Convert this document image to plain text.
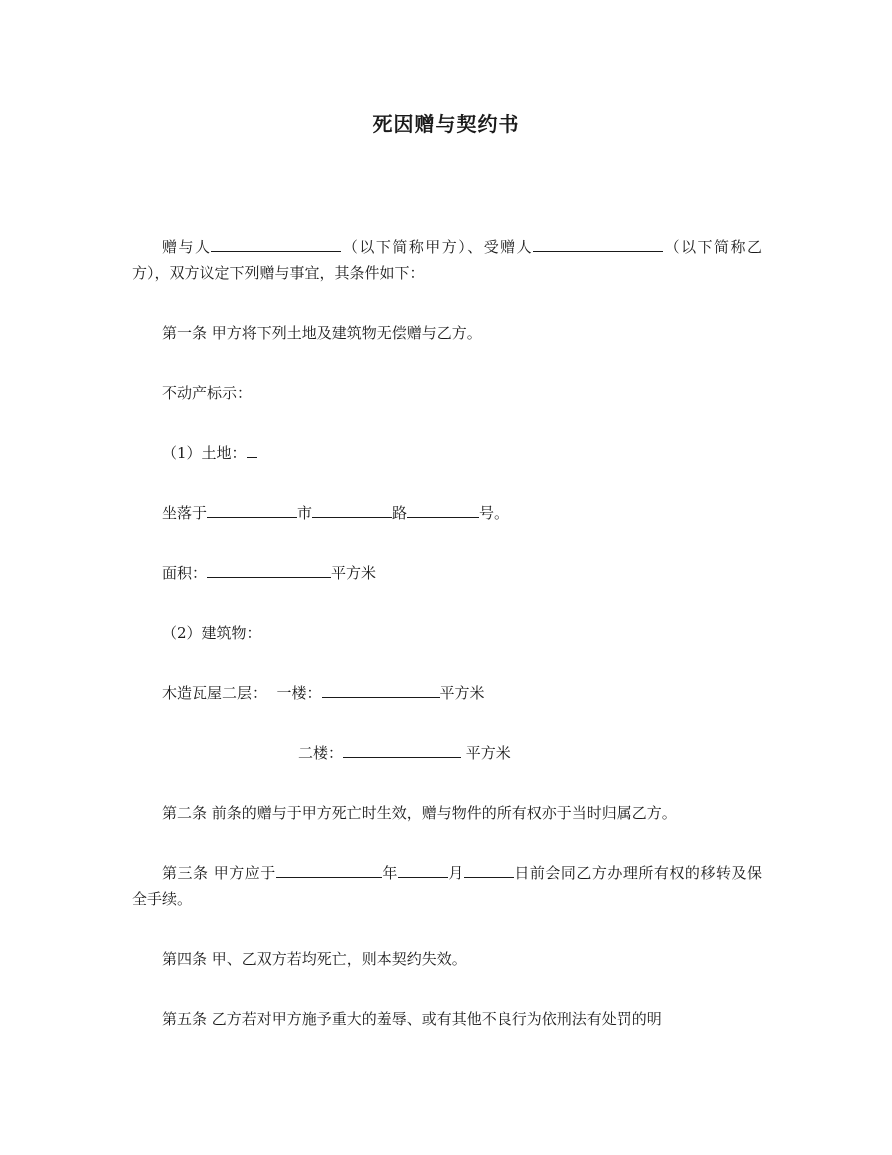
死因赠与契约书

赠与人	（以下简称甲方）、受赠人	（以下简称乙方），双方议定下列赠与事宜，其条件如下：

第一条 甲方将下列土地及建筑物无偿赠与乙方。

不动产标示：

（1）土地：

坐落于	市	路	号。

面积：	平方米

（2）建筑物：

木造瓦屋二层：  一楼：	平方米

二楼：	平方米

第二条 前条的赠与于甲方死亡时生效，赠与物件的所有权亦于当时归属乙方。

第三条 甲方应于	年	月	日前会同乙方办理所有权的移转及保全手续。

第四条 甲、乙双方若均死亡，则本契约失效。

第五条 乙方若对甲方施予重大的羞辱、或有其他不良行为依刑法有处罚的明
